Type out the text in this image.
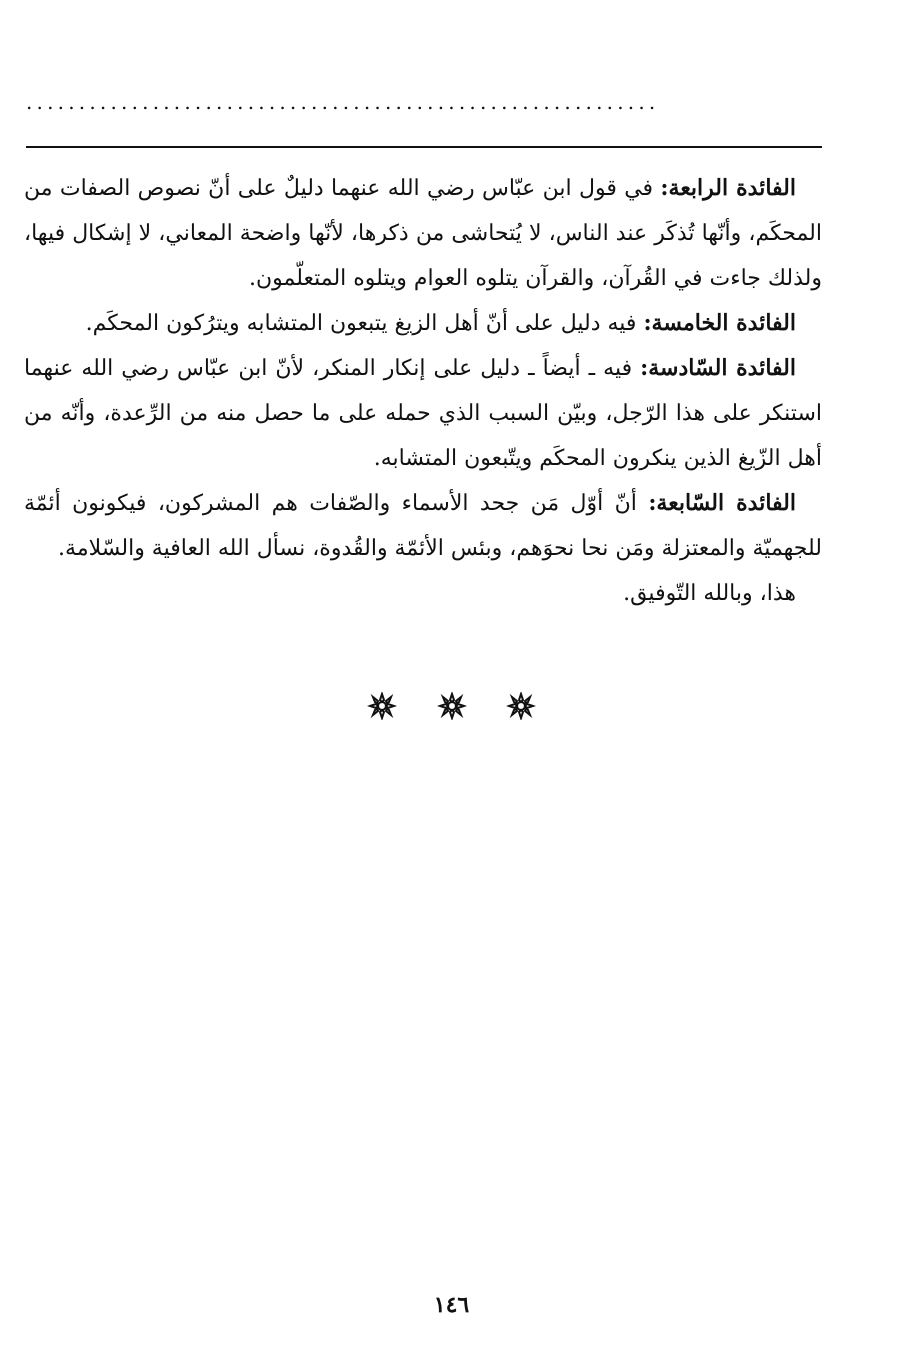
............................................................

الفائدة الرابعة: في قول ابن عبّاس رضي الله عنهما دليلٌ على أنّ نصوص الصفات من المحكَم، وأنّها تُذكَر عند الناس، لا يُتحاشى من ذكرها، لأنّها واضحة المعاني، لا إشكال فيها، ولذلك جاءت في القُرآن، والقرآن يتلوه العوام ويتلوه المتعلّمون.

الفائدة الخامسة: فيه دليل على أنّ أهل الزيغ يتبعون المتشابه ويترُكون المحكَم.

الفائدة السّادسة: فيه ـ أيضاً ـ دليل على إنكار المنكر، لأنّ ابن عبّاس رضي الله عنهما استنكر على هذا الرّجل، وبيّن السبب الذي حمله على ما حصل منه من الرِّعدة، وأنّه من أهل الزّيغ الذين ينكرون المحكَم ويتّبعون المتشابه.

الفائدة السّابعة: أنّ أوّل مَن جحد الأسماء والصّفات هم المشركون، فيكونون أئمّة للجهميّة والمعتزلة ومَن نحا نحوَهم، وبئس الأئمّة والقُدوة، نسأل الله العافية والسّلامة.

هذا، وبالله التّوفيق.

١٤٦
